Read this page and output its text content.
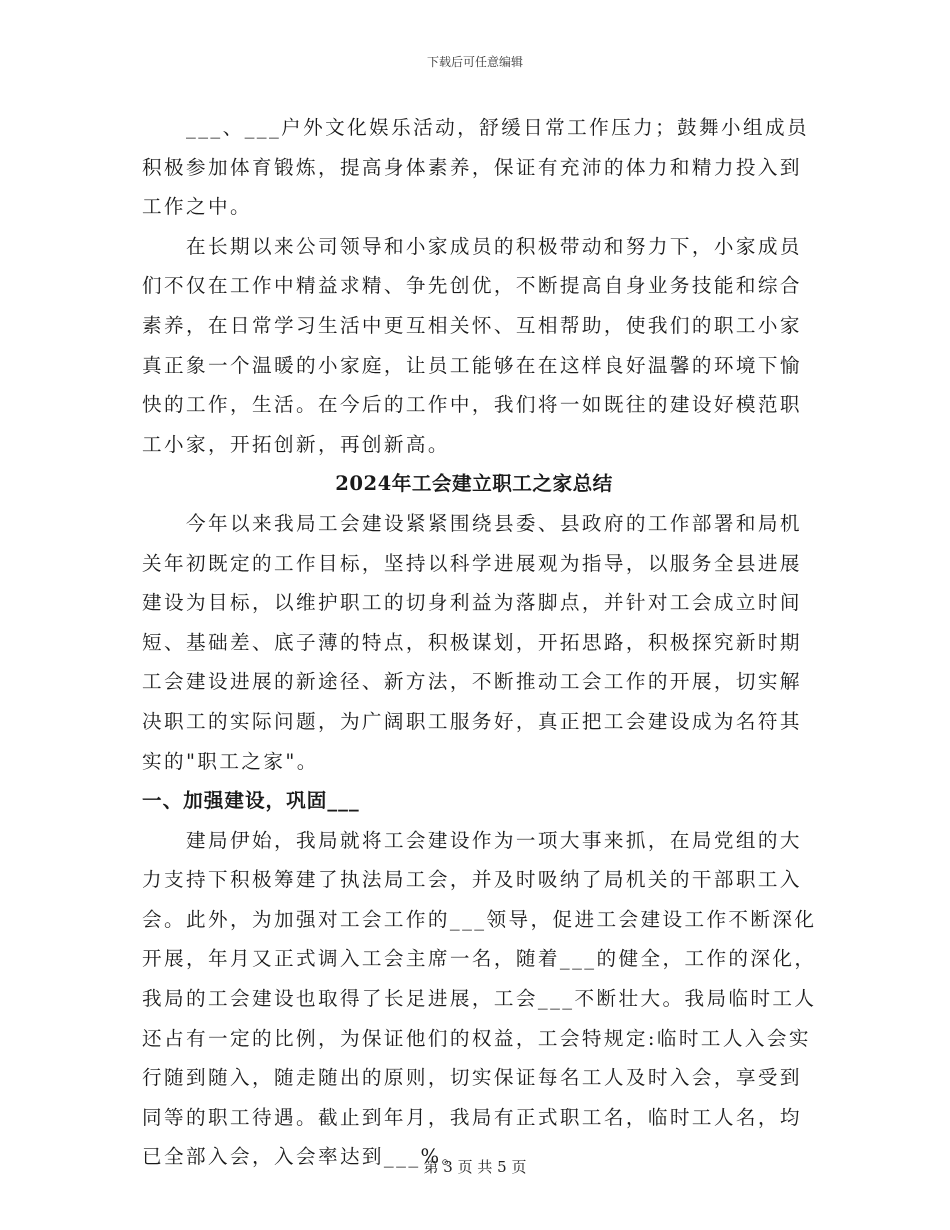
下载后可任意编辑
___、___户外文化娱乐活动，舒缓日常工作压力；鼓舞小组成员
积极参加体育锻炼，提高身体素养，保证有充沛的体力和精力投入到
工作之中。
在长期以来公司领导和小家成员的积极带动和努力下，小家成员
们不仅在工作中精益求精、争先创优，不断提高自身业务技能和综合
素养，在日常学习生活中更互相关怀、互相帮助，使我们的职工小家
真正象一个温暖的小家庭，让员工能够在在这样良好温馨的环境下愉
快的工作，生活。在今后的工作中，我们将一如既往的建设好模范职
工小家，开拓创新，再创新高。
2024年工会建立职工之家总结
今年以来我局工会建设紧紧围绕县委、县政府的工作部署和局机
关年初既定的工作目标，坚持以科学进展观为指导，以服务全县进展
建设为目标，以维护职工的切身利益为落脚点，并针对工会成立时间
短、基础差、底子薄的特点，积极谋划，开拓思路，积极探究新时期
工会建设进展的新途径、新方法，不断推动工会工作的开展，切实解
决职工的实际问题，为广阔职工服务好，真正把工会建设成为名符其
实的"职工之家"。
一、加强建设，巩固___
建局伊始，我局就将工会建设作为一项大事来抓，在局党组的大
力支持下积极筹建了执法局工会，并及时吸纳了局机关的干部职工入
会。此外，为加强对工会工作的___领导，促进工会建设工作不断深化
开展，年月又正式调入工会主席一名，随着___的健全，工作的深化，
我局的工会建设也取得了长足进展，工会___不断壮大。我局临时工人
还占有一定的比例，为保证他们的权益，工会特规定:临时工人入会实
行随到随入，随走随出的原则，切实保证每名工人及时入会，享受到
同等的职工待遇。截止到年月，我局有正式职工名，临时工人名，均
已全部入会，入会率达到___%。
第 3 页 共 5 页
